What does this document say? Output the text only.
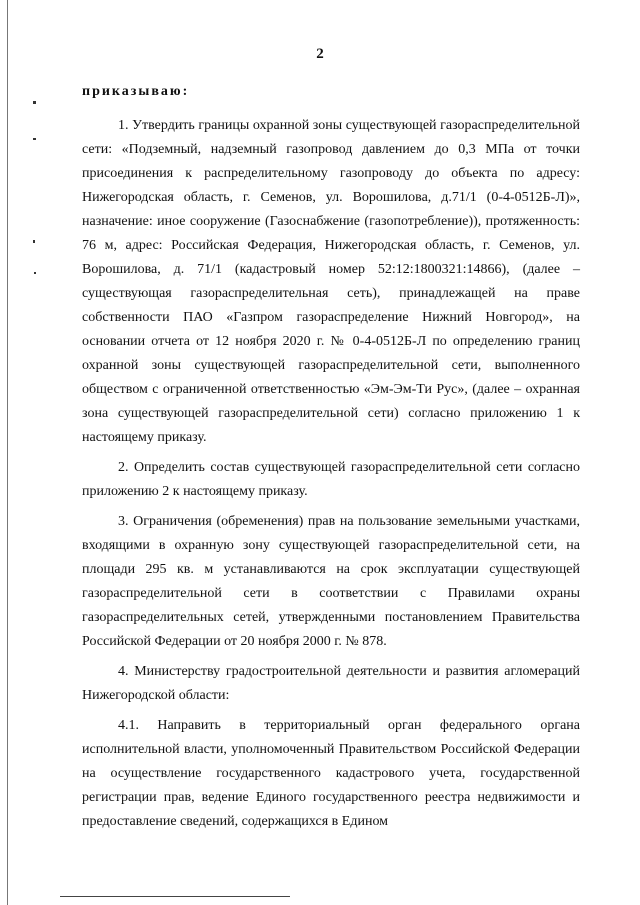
2
приказываю:

1. Утвердить границы охранной зоны существующей газораспределительной сети: «Подземный, надземный газопровод давлением до 0,3 МПа от точки присоединения к распределительному газопроводу до объекта по адресу: Нижегородская область, г. Семенов, ул. Ворошилова, д.71/1 (0-4-0512Б-Л)», назначение: иное сооружение (Газоснабжение (газопотребление)), протяженность: 76 м, адрес: Российская Федерация, Нижегородская область, г. Семенов, ул. Ворошилова, д. 71/1 (кадастровый номер 52:12:1800321:14866), (далее – существующая газораспределительная сеть), принадлежащей на праве собственности ПАО «Газпром газораспределение Нижний Новгород», на основании отчета от 12 ноября 2020 г. № 0-4-0512Б-Л по определению границ охранной зоны существующей газораспределительной сети, выполненного обществом с ограниченной ответственностью «Эм-Эм-Ти Рус», (далее – охранная зона существующей газораспределительной сети) согласно приложению 1 к настоящему приказу.

2. Определить состав существующей газораспределительной сети согласно приложению 2 к настоящему приказу.

3. Ограничения (обременения) прав на пользование земельными участками, входящими в охранную зону существующей газораспределительной сети, на площади 295 кв. м устанавливаются на срок эксплуатации существующей газораспределительной сети в соответствии с Правилами охраны газораспределительных сетей, утвержденными постановлением Правительства Российской Федерации от 20 ноября 2000 г. № 878.

4. Министерству градостроительной деятельности и развития агломераций Нижегородской области:

4.1. Направить в территориальный орган федерального органа исполнительной власти, уполномоченный Правительством Российской Федерации на осуществление государственного кадастрового учета, государственной регистрации прав, ведение Единого государственного реестра недвижимости и предоставление сведений, содержащихся в Едином
